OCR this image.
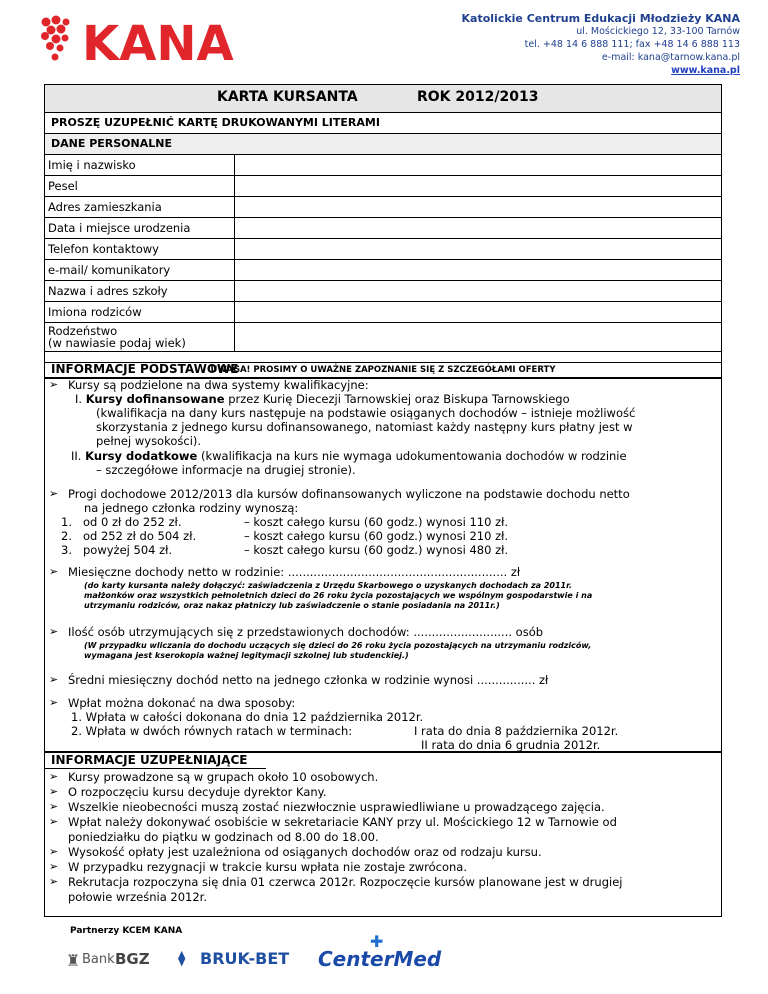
KANA	Katolickie Centrum Edukacji Młodzieży KANA
ul. Mościckiego 12, 33-100 Tarnów
tel. +48 14 6 888 111; fax +48 14 6 888 113
e-mail: kana@tarnow.kana.pl
www.kana.pl
KARTA KURSANTA	ROK 2012/2013
PROSZĘ UZUPEŁNIĆ KARTĘ DRUKOWANYMI LITERAMI
DANE PERSONALNE
Imię i nazwisko	
Pesel	
Adres zamieszkania	
Data i miejsce urodzenia	
Telefon kontaktowy	
e-mail/ komunikatory	
Nazwa i adres szkoły	
Imiona rodziców	

Rodzeństwo
(w nawiasie podaj wiek)	

UWAGA! PROSIMY O UWAŻNE ZAPOZNANIE SIĘ Z SZCZEGÓŁAMI OFERTY
INFORMACJE PODSTAWOWE
➢ Kursy są podzielone na dwa systemy kwalifikacyjne:
I. Kursy dofinansowane przez Kurię Diecezji Tarnowskiej oraz Biskupa Tarnowskiego
(kwalifikacja na dany kurs następuje na podstawie osiąganych dochodów – istnieje możliwość
skorzystania z jednego kursu dofinansowanego, natomiast każdy następny kurs płatny jest w
pełnej wysokości).
II. Kursy dodatkowe (kwalifikacja na kurs nie wymaga udokumentowania dochodów w rodzinie
– szczegółowe informacje na drugiej stronie).
➢ Progi dochodowe 2012/2013 dla kursów dofinansowanych wyliczone na podstawie dochodu netto
na jednego członka rodziny wynoszą:
1. od 0 zł do 252 zł.	– koszt całego kursu (60 godz.) wynosi 110 zł.
2. od 252 zł do 504 zł.	– koszt całego kursu (60 godz.) wynosi 210 zł.
3. powyżej 504 zł.	– koszt całego kursu (60 godz.) wynosi 480 zł.
➢ Miesięczne dochody netto w rodzinie: ............................................................ zł
(do karty kursanta należy dołączyć: zaświadczenia z Urzędu Skarbowego o uzyskanych dochodach za 2011r.
małżonków oraz wszystkich pełnoletnich dzieci do 26 roku życia pozostających we wspólnym gospodarstwie i na
utrzymaniu rodziców, oraz nakaz płatniczy lub zaświadczenie o stanie posiadania na 2011r.)
➢ Ilość osób utrzymujących się z przedstawionych dochodów: ........................... osób
(W przypadku wliczania do dochodu uczących się dzieci do 26 roku życia pozostających na utrzymaniu rodziców,
wymagana jest kserokopia ważnej legitymacji szkolnej lub studenckiej.)
➢ Średni miesięczny dochód netto na jednego członka w rodzinie wynosi ................ zł
➢ Wpłat można dokonać na dwa sposoby:
1. Wpłata w całości dokonana do dnia 12 października 2012r.
2. Wpłata w dwóch równych ratach w terminach:	I rata do dnia 8 października 2012r.
II rata do dnia 6 grudnia 2012r.
INFORMACJE UZUPEŁNIAJĄCE
➢ Kursy prowadzone są w grupach około 10 osobowych.
➢ O rozpoczęciu kursu decyduje dyrektor Kany.
➢ Wszelkie nieobecności muszą zostać niezwłocznie usprawiedliwiane u prowadzącego zajęcia.
➢ Wpłat należy dokonywać osobiście w sekretariacie KANY przy ul. Mościckiego 12 w Tarnowie od
poniedziałku do piątku w godzinach od 8.00 do 18.00.
➢ Wysokość opłaty jest uzależniona od osiąganych dochodów oraz od rodzaju kursu.
➢ W przypadku rezygnacji w trakcie kursu wpłata nie zostaje zwrócona.
➢ Rekrutacja rozpoczyna się dnia 01 czerwca 2012r. Rozpoczęcie kursów planowane jest w drugiej
połowie września 2012r.
Partnerzy KCEM KANA
♜ Bank BGZ ⧫ BRUK-BET
✚
CenterMed
